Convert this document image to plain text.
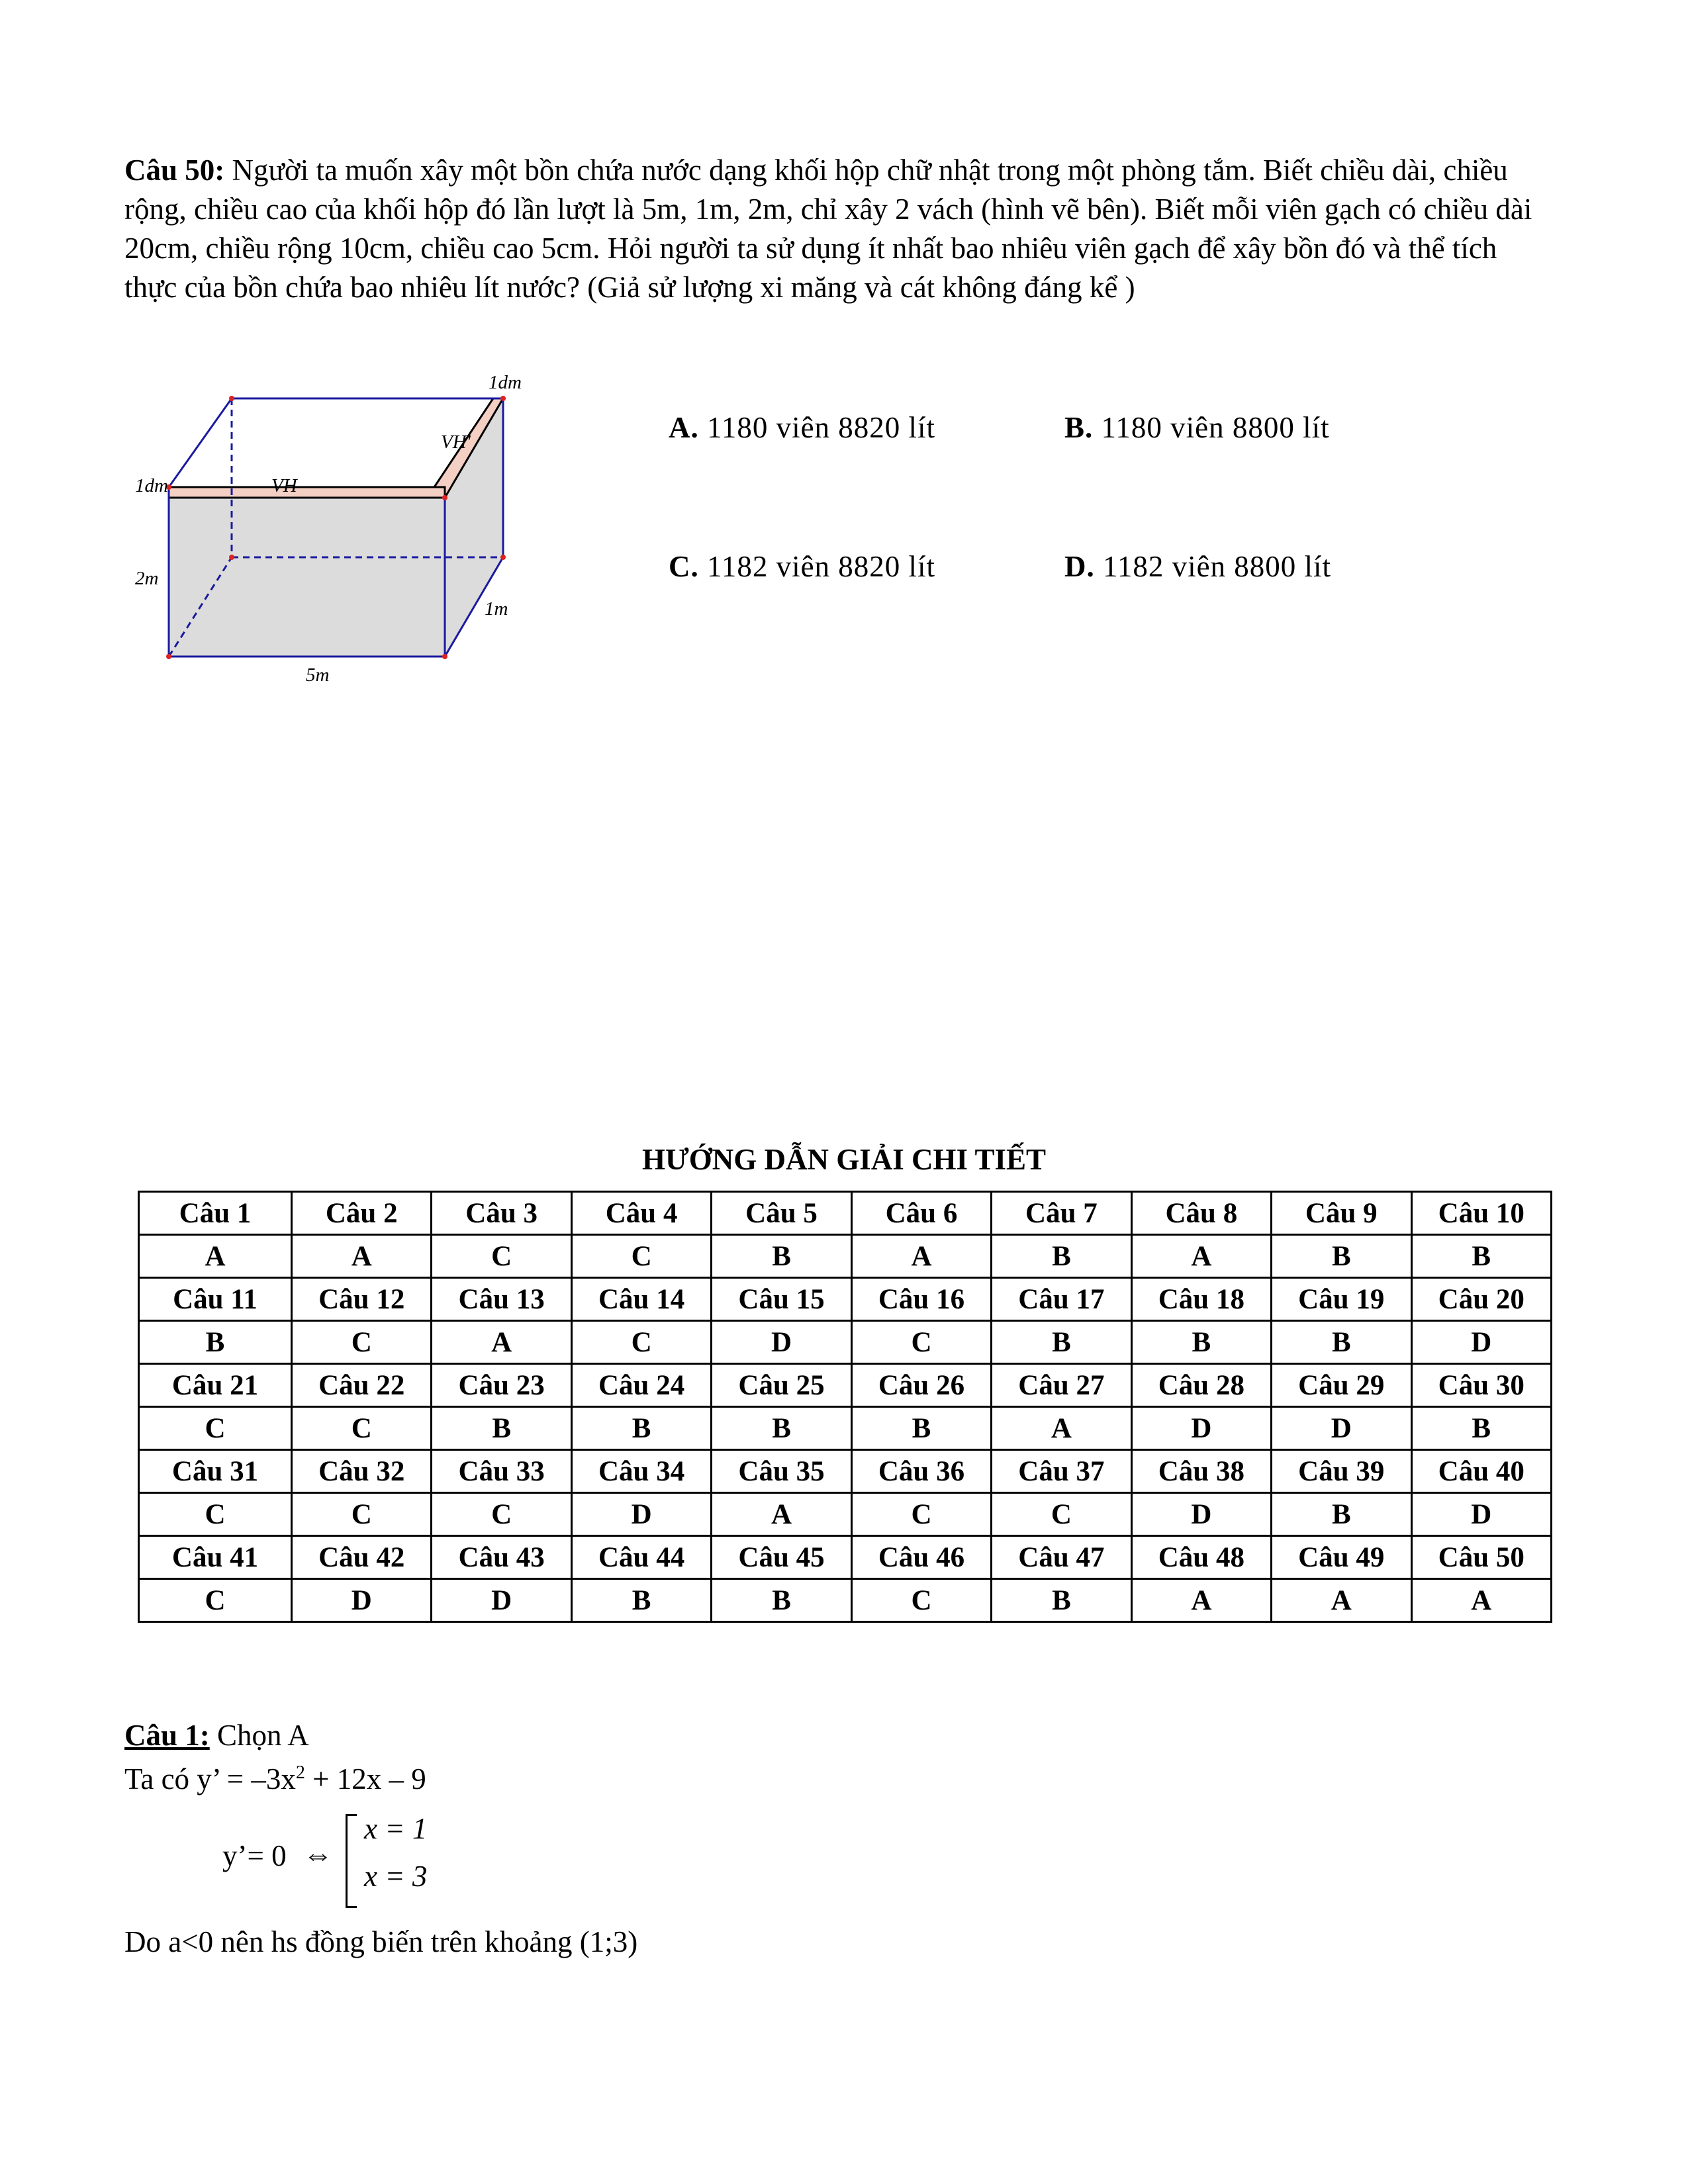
Câu 50: Người ta muốn xây một bồn chứa nước dạng khối hộp chữ nhật trong một phòng tắm. Biết chiều dài, chiều rộng, chiều cao của khối hộp đó lần lượt là 5m, 1m, 2m, chỉ xây 2 vách (hình vẽ bên). Biết mỗi viên gạch có chiều dài 20cm, chiều rộng 10cm, chiều cao 5cm. Hỏi người ta sử dụng ít nhất bao nhiêu viên gạch để xây bồn đó và thể tích thực của bồn chứa bao nhiêu lít nước? (Giả sử lượng xi măng và cát không đáng kể )
1dm
1dm	VH
VH'
2m
1m
5m
A. 1180 viên 8820 lít	B. 1180 viên 8800 lít
C. 1182 viên 8820 lít	D. 1182 viên 8800 lít
HƯỚNG DẪN GIẢI CHI TIẾT
Câu 1	Câu 2	Câu 3	Câu 4	Câu 5	Câu 6	Câu 7	Câu 8	Câu 9	Câu 10
A	A	C	C	B	A	B	A	B	B
Câu 11	Câu 12	Câu 13	Câu 14	Câu 15	Câu 16	Câu 17	Câu 18	Câu 19	Câu 20
B	C	A	C	D	C	B	B	B	D
Câu 21	Câu 22	Câu 23	Câu 24	Câu 25	Câu 26	Câu 27	Câu 28	Câu 29	Câu 30
C	C	B	B	B	B	A	D	D	B
Câu 31	Câu 32	Câu 33	Câu 34	Câu 35	Câu 36	Câu 37	Câu 38	Câu 39	Câu 40
C	C	C	D	A	C	C	D	B	D
Câu 41	Câu 42	Câu 43	Câu 44	Câu 45	Câu 46	Câu 47	Câu 48	Câu 49	Câu 50
C	D	D	B	B	C	B	A	A	A
Câu 1: Chọn A
Ta có y’ = $-3x^2 + 12x - 9$
y’= 0 ⇔
x = 1
x = 3
Do a<0 nên hs đồng biến trên khoảng (1;3)
